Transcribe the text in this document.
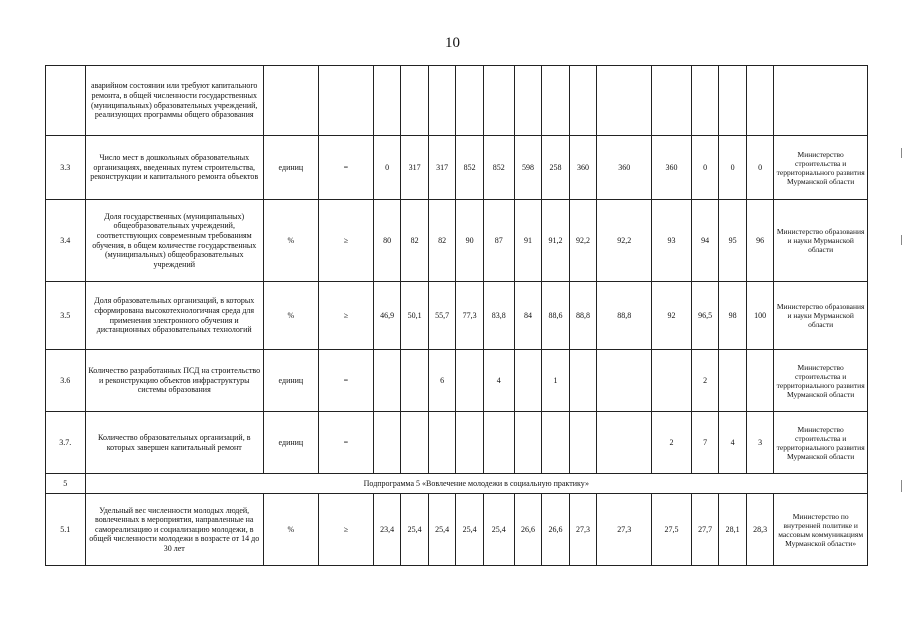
10
	аварийном состоянии или требуют капитального ремонта, в общей численности государственных (муниципальных) образовательных учреждений, реализующих программы общего образования																
3.3	Число мест в дошкольных образовательных организациях, введенных путем строительства, реконструкции и капитального ремонта объектов	единиц	=	0	317	317	852	852	598	258	360	360	360	0	0	0	Министерство строительства и территориального развития Мурманской области
3.4	Доля государственных (муниципальных) общеобразовательных учреждений, соответствующих современным требованиям обучения, в общем количестве государственных (муниципальных) общеобразовательных учреждений	%	≥	80	82	82	90	87	91	91,2	92,2	92,2	93	94	95	96	Министерство образования и науки Мурманской области
3.5	Доля образовательных организаций, в которых сформирована высокотехнологичная среда для применения электронного обучения и дистанционных образовательных технологий	%	≥	46,9	50,1	55,7	77,3	83,8	84	88,6	88,8	88,8	92	96,5	98	100	Министерство образования и науки Мурманской области
3.6	Количество разработанных ПСД на строительство и реконструкцию объектов инфраструктуры системы образования	единиц	=			6		4		1				2			Министерство строительства и территориального развития Мурманской области
3.7.	Количество образовательных организаций, в которых завершен капитальный ремонт	единиц	=										2	7	4	3	Министерство строительства и территориального развития Мурманской области
5	Подпрограмма 5 «Вовлечение молодежи в социальную практику»																
5.1	Удельный вес численности молодых людей, вовлеченных в мероприятия, направленные на самореализацию и социализацию молодежи, в общей численности молодежи в возрасте от 14 до 30 лет	%	≥	23,4	25,4	25,4	25,4	25,4	26,6	26,6	27,3	27,3	27,5	27,7	28,1	28,3	Министерство по внутренней политике и массовым коммуникациям Мурманской области»
